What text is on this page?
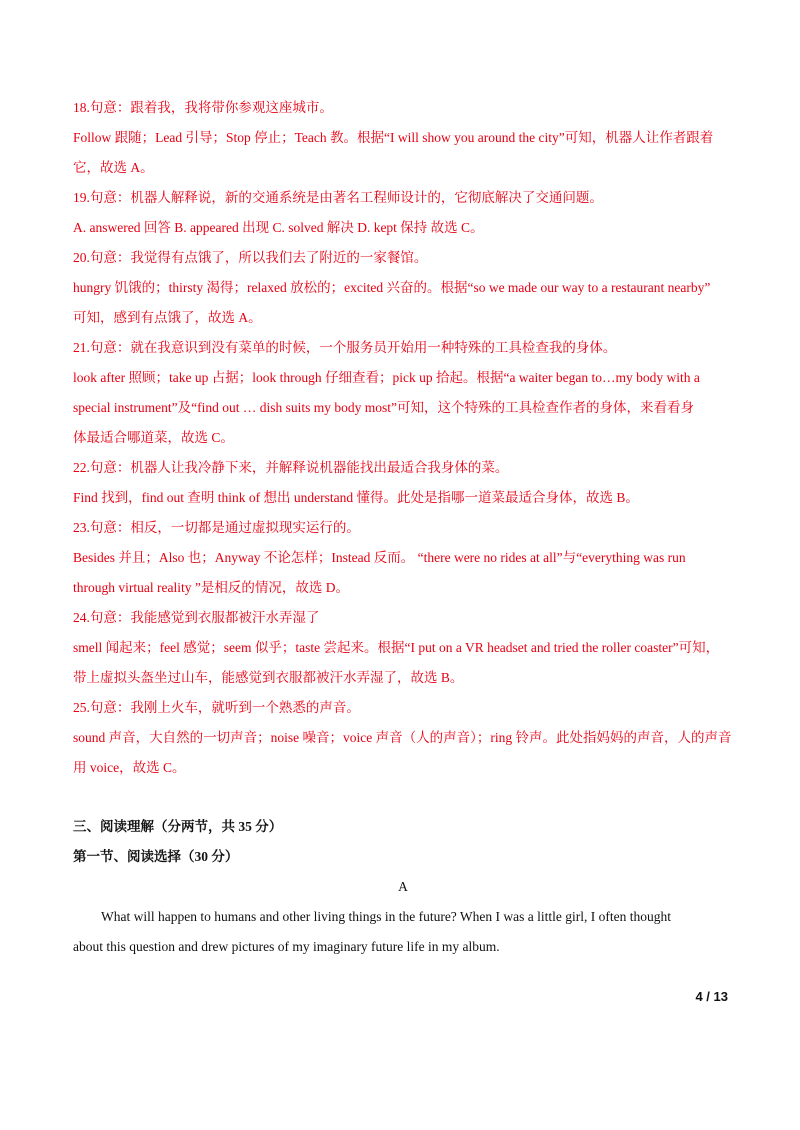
18.句意：跟着我，我将带你参观这座城市。

Follow 跟随；Lead 引导；Stop 停止；Teach 教。根据“I will show you around the city”可知，机器人让作者跟着

它，故选 A。

19.句意：机器人解释说，新的交通系统是由著名工程师设计的，它彻底解决了交通问题。

A. answered 回答 B. appeared 出现 C. solved 解决 D. kept 保持 故选 C。

20.句意：我觉得有点饿了，所以我们去了附近的一家餐馆。

hungry 饥饿的；thirsty 渴得；relaxed 放松的；excited 兴奋的。根据“so we made our way to a restaurant nearby”

可知，感到有点饿了，故选 A。

21.句意：就在我意识到没有菜单的时候，一个服务员开始用一种特殊的工具检查我的身体。

look after 照顾；take up 占据；look through 仔细查看；pick up 拾起。根据“a waiter began to…my body with a

special instrument”及“find out … dish suits my body most”可知，这个特殊的工具检查作者的身体，来看看身

体最适合哪道菜，故选 C。

22.句意：机器人让我冷静下来，并解释说机器能找出最适合我身体的菜。

Find 找到，find out 查明 think of 想出 understand 懂得。此处是指哪一道菜最适合身体，故选 B。

23.句意：相反，一切都是通过虚拟现实运行的。

Besides 并且；Also 也；Anyway 不论怎样；Instead 反而。 “there were no rides at all”与“everything was run

through virtual reality ”是相反的情况，故选 D。

24.句意：我能感觉到衣服都被汗水弄湿了

smell 闻起来；feel 感觉；seem 似乎；taste 尝起来。根据“I put on a VR headset and tried the roller coaster”可知，

带上虚拟头盔坐过山车，能感觉到衣服都被汗水弄湿了，故选 B。

25.句意：我刚上火车，就听到一个熟悉的声音。

sound 声音，大自然的一切声音；noise 噪音；voice 声音（人的声音）；ring 铃声。此处指妈妈的声音，人的声音

用 voice，故选 C。

三、阅读理解（分两节，共 35 分）

第一节、阅读选择（30 分）

A

What will happen to humans and other living things in the future? When I was a little girl, I often thought

about this question and drew pictures of my imaginary future life in my album.

4 / 13
